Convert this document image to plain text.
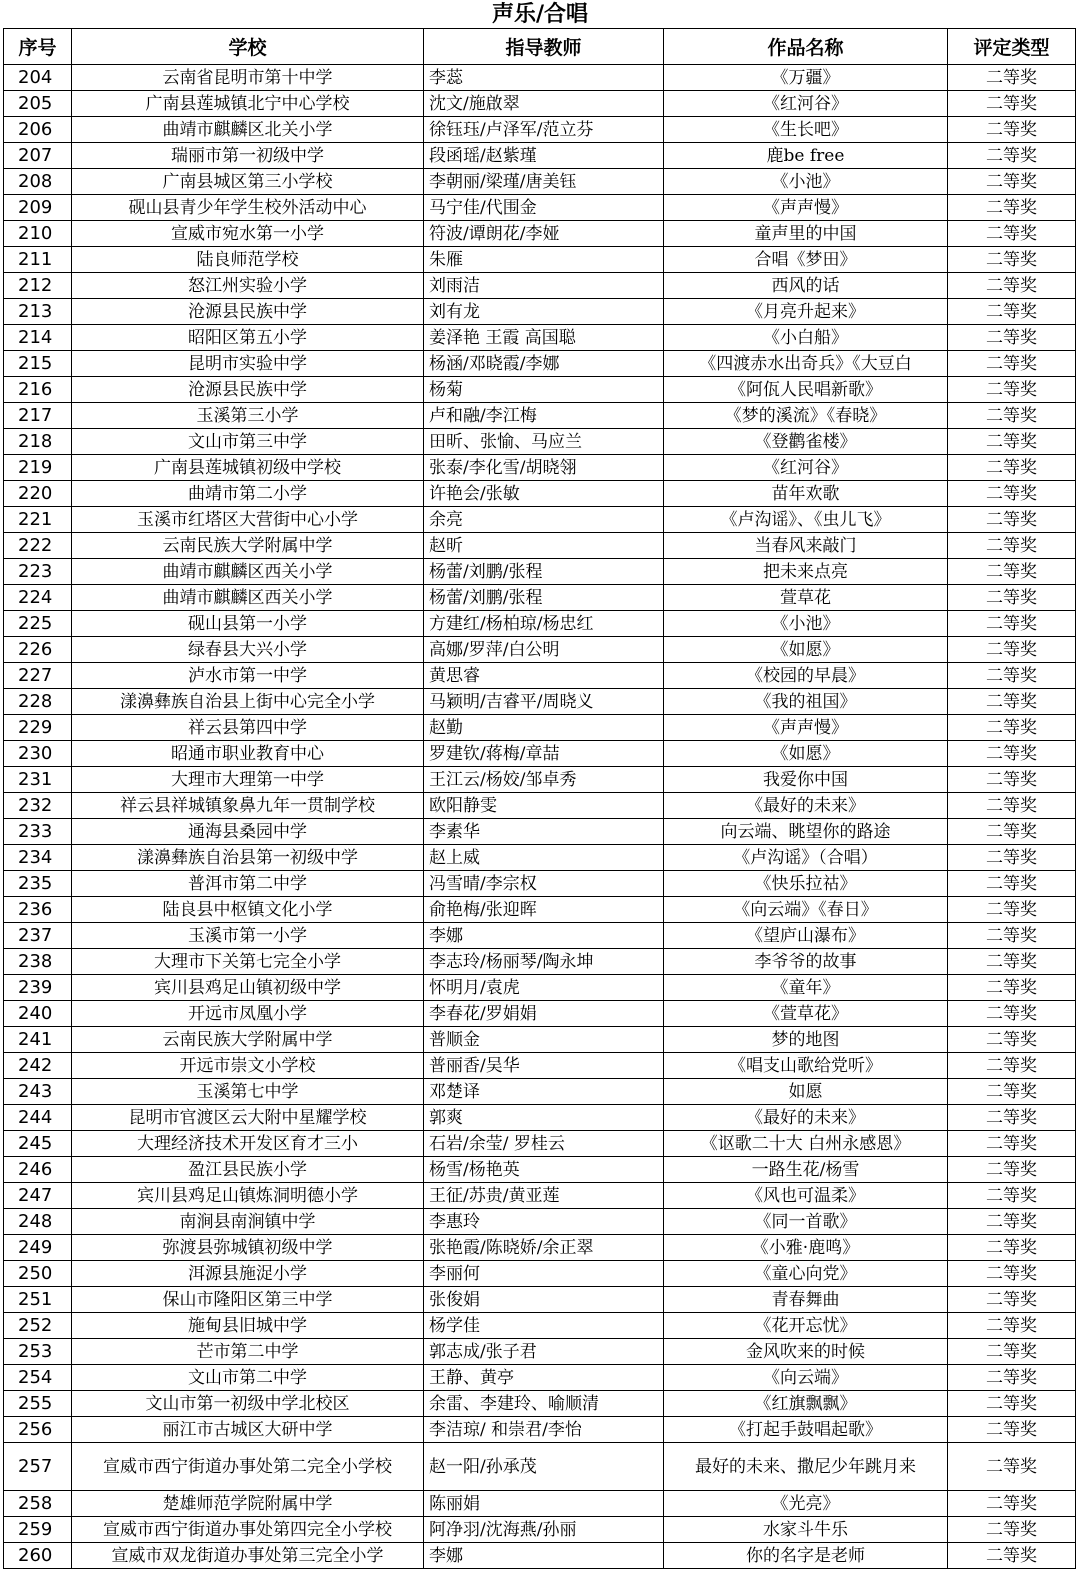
声乐/合唱
序号	学校	指导教师	作品名称	评定类型
204	云南省昆明市第十中学	李蕊	《万疆》	二等奖
205	广南县莲城镇北宁中心学校	沈文/施啟翠	《红河谷》	二等奖
206	曲靖市麒麟区北关小学	徐钰珏/卢泽军/范立芬	《生长吧》	二等奖
207	瑞丽市第一初级中学	段函瑶/赵紫瑾	鹿be free	二等奖
208	广南县城区第三小学校	李朝丽/梁瑾/唐美钰	《小池》	二等奖
209	砚山县青少年学生校外活动中心	马宁佳/代围金	《声声慢》	二等奖
210	宣威市宛水第一小学	符波/谭朗花/李娅	童声里的中国	二等奖
211	陆良师范学校	朱雁	合唱《梦田》	二等奖
212	怒江州实验小学	刘雨洁	西风的话	二等奖
213	沧源县民族中学	刘有龙	《月亮升起来》	二等奖
214	昭阳区第五小学	姜泽艳 王霞 高国聪	《小白船》	二等奖
215	昆明市实验中学	杨涵/邓晓霞/李娜	《四渡赤水出奇兵》《大豆白	二等奖
216	沧源县民族中学	杨菊	《阿佤人民唱新歌》	二等奖
217	玉溪第三小学	卢和融/李江梅	《梦的溪流》《春晓》	二等奖
218	文山市第三中学	田昕、张愉、马应兰	《登鹳雀楼》	二等奖
219	广南县莲城镇初级中学校	张泰/李化雪/胡晓翎	《红河谷》	二等奖
220	曲靖市第二小学	许艳会/张敏	苗年欢歌	二等奖
221	玉溪市红塔区大营街中心小学	余亮	《卢沟谣》、《虫儿飞》	二等奖
222	云南民族大学附属中学	赵昕	当春风来敲门	二等奖
223	曲靖市麒麟区西关小学	杨蕾/刘鹏/张程	把未来点亮	二等奖
224	曲靖市麒麟区西关小学	杨蕾/刘鹏/张程	萱草花	二等奖
225	砚山县第一小学	方建红/杨柏琼/杨忠红	《小池》	二等奖
226	绿春县大兴小学	高娜/罗萍/白公明	《如愿》	二等奖
227	泸水市第一中学	黄思睿	《校园的早晨》	二等奖
228	漾濞彝族自治县上街中心完全小学	马颖明/吉睿平/周晓义	《我的祖国》	二等奖
229	祥云县第四中学	赵勤	《声声慢》	二等奖
230	昭通市职业教育中心	罗建钦/蒋梅/章喆	《如愿》	二等奖
231	大理市大理第一中学	王江云/杨姣/邹卓秀	我爱你中国	二等奖
232	祥云县祥城镇象鼻九年一贯制学校	欧阳静雯	《最好的未来》	二等奖
233	通海县桑园中学	李素华	向云端、眺望你的路途	二等奖
234	漾濞彝族自治县第一初级中学	赵上威	《卢沟谣》（合唱）	二等奖
235	普洱市第二中学	冯雪晴/李宗权	《快乐拉祜》	二等奖
236	陆良县中枢镇文化小学	俞艳梅/张迎晖	《向云端》《春日》	二等奖
237	玉溪市第一小学	李娜	《望庐山瀑布》	二等奖
238	大理市下关第七完全小学	李志玲/杨丽琴/陶永坤	李爷爷的故事	二等奖
239	宾川县鸡足山镇初级中学	怀明月/袁虎	《童年》	二等奖
240	开远市凤凰小学	李春花/罗娟娟	《萱草花》	二等奖
241	云南民族大学附属中学	普顺金	梦的地图	二等奖
242	开远市崇文小学校	普丽香/吴华	《唱支山歌给党听》	二等奖
243	玉溪第七中学	邓楚译	如愿	二等奖
244	昆明市官渡区云大附中星耀学校	郭爽	《最好的未来》	二等奖
245	大理经济技术开发区育才三小	石岩/余莹/ 罗桂云	《讴歌二十大 白州永感恩》	二等奖
246	盈江县民族小学	杨雪/杨艳英	一路生花/杨雪	二等奖
247	宾川县鸡足山镇炼洞明德小学	王征/苏贵/黄亚莲	《风也可温柔》	二等奖
248	南涧县南涧镇中学	李惠玲	《同一首歌》	二等奖
249	弥渡县弥城镇初级中学	张艳霞/陈晓娇/余正翠	《小雅·鹿鸣》	二等奖
250	洱源县施浞小学	李丽何	《童心向党》	二等奖
251	保山市隆阳区第三中学	张俊娟	青春舞曲	二等奖
252	施甸县旧城中学	杨学佳	《花开忘忧》	二等奖
253	芒市第二中学	郭志成/张子君	金风吹来的时候	二等奖
254	文山市第二中学	王静、黄亭	《向云端》	二等奖
255	文山市第一初级中学北校区	余雷、李建玲、喻顺清	《红旗飘飘》	二等奖
256	丽江市古城区大研中学	李洁琼/ 和崇君/李怡	《打起手鼓唱起歌》	二等奖
257	宣威市西宁街道办事处第二完全小学校	赵一阳/孙承茂	最好的未来、撒尼少年跳月来	二等奖
258	楚雄师范学院附属中学	陈丽娟	《光亮》	二等奖
259	宣威市西宁街道办事处第四完全小学校	阿净羽/沈海燕/孙丽	水家斗牛乐	二等奖
260	宣威市双龙街道办事处第三完全小学	李娜	你的名字是老师	二等奖
